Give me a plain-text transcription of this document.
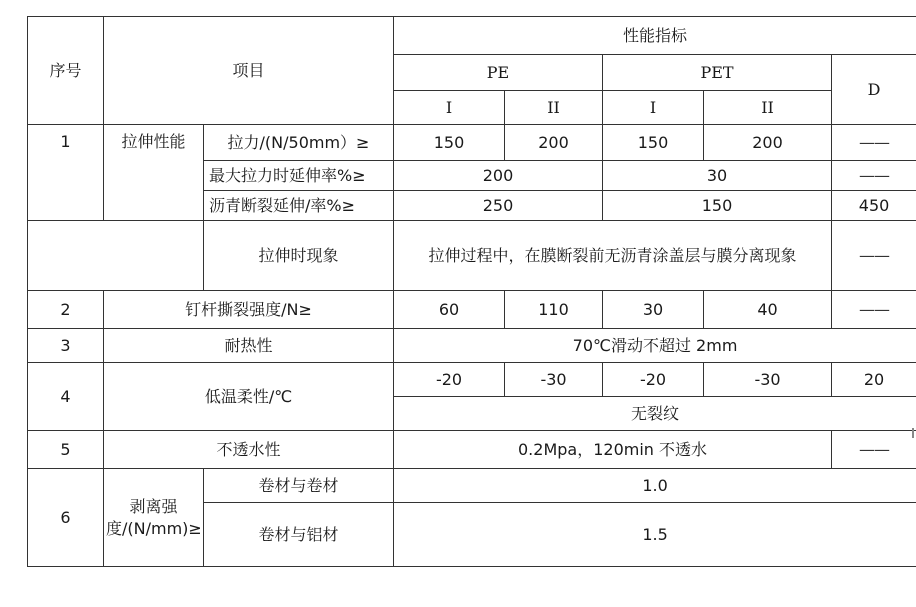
序号	项目		性能指标				
			PE		PET		D
			I	II	I	II	
1	拉伸性能	拉力/(N/50mm）≥	150	200	150	200	——
		最大拉力时延伸率%≥	200		30		——
		沥青断裂延伸/率%≥	250		150		450
		拉伸时现象	拉伸过程中，在膜断裂前无沥青涂盖层与膜分离现象				——
2	钉杆撕裂强度/N≥		60	110	30	40	——
3	耐热性		70℃滑动不超过 2mm				
4	低温柔性/℃		-20	-30	-20	-30	20
			无裂纹				
5	不透水性		0.2Mpa，120min 不透水				——
6	剥离强度/(N/mm)≥	卷材与卷材	1.0				
		卷材与铝材	1.5				
